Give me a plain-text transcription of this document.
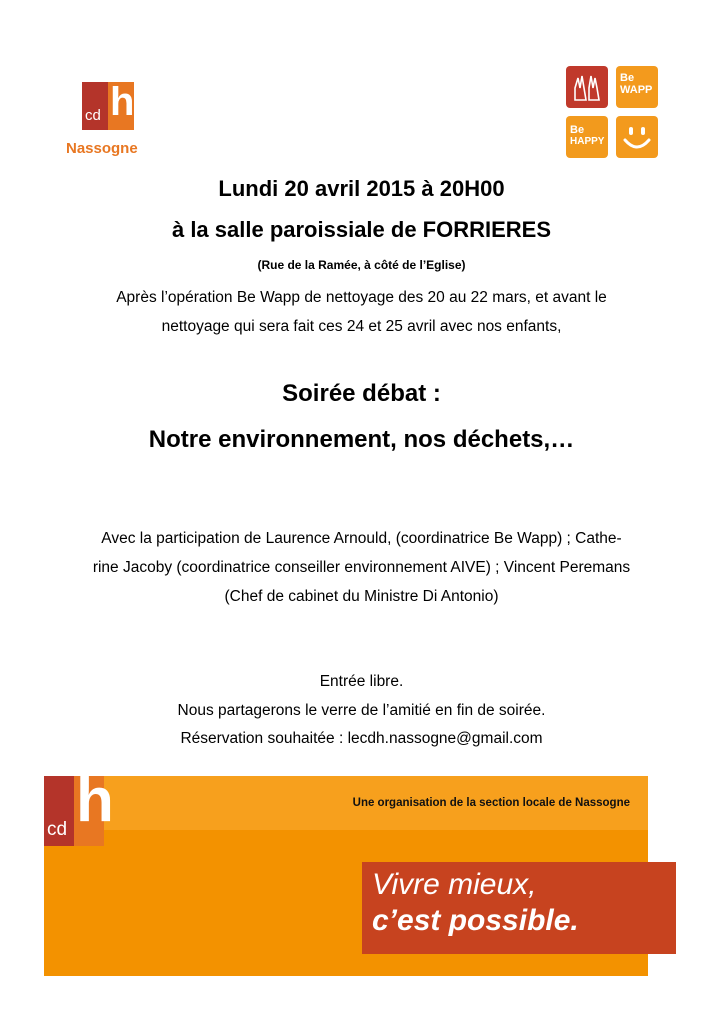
cd h
Nassogne
Be
WAPP
Be
HAPPY
Lundi 20 avril 2015 à 20H00
à la salle paroissiale de FORRIERES
(Rue de la Ramée, à côté de l’Eglise)
Après l’opération Be Wapp de nettoyage des 20 au 22 mars, et avant le
nettoyage qui sera fait ces 24 et 25 avril avec nos enfants,
Soirée débat :
Notre environnement, nos déchets,…
Avec la participation de Laurence Arnould, (coordinatrice Be Wapp) ; Cathe-
rine Jacoby (coordinatrice conseiller environnement AIVE) ; Vincent Peremans
(Chef de cabinet du Ministre Di Antonio)
Entrée libre.
Nous partagerons le verre de l’amitié en fin de soirée.
Réservation souhaitée : lecdh.nassogne@gmail.com
cd h	Une organisation de la section locale de Nassogne
Vivre mieux,
c’est possible.
